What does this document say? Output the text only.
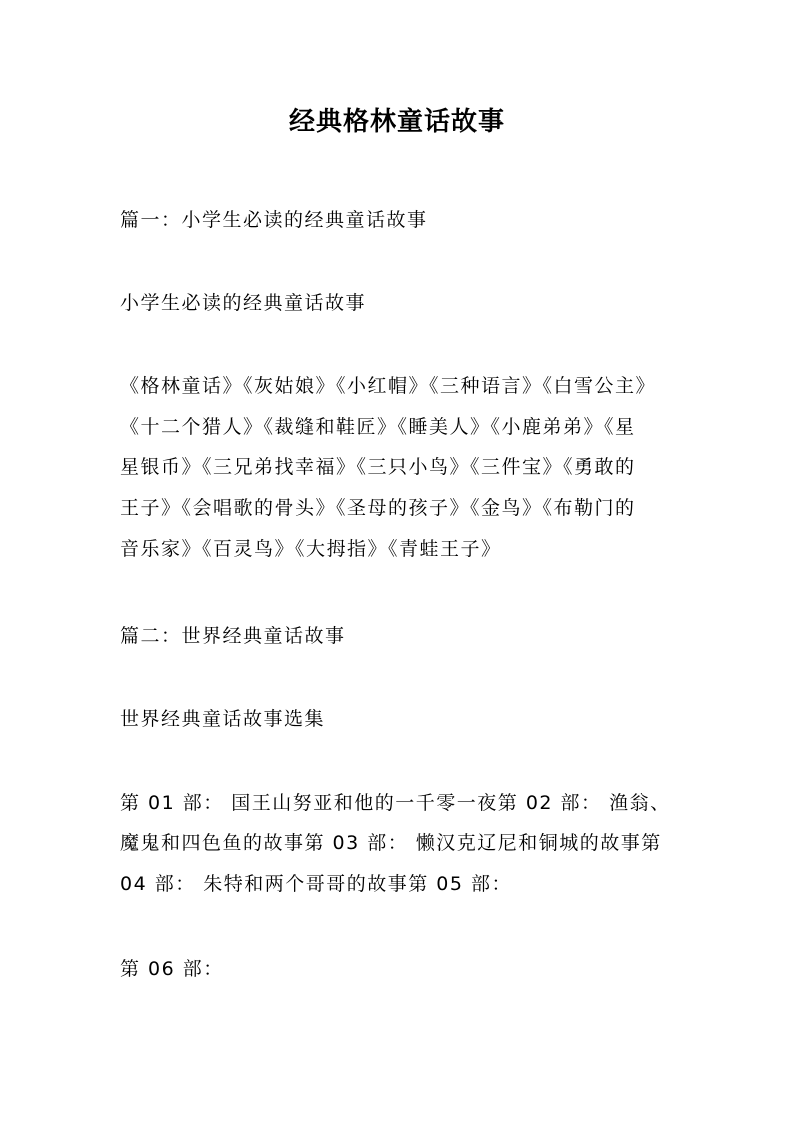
经典格林童话故事
篇一：小学生必读的经典童话故事
小学生必读的经典童话故事
《格林童话》《灰姑娘》《小红帽》《三种语言》《白雪公主》
《十二个猎人》《裁缝和鞋匠》《睡美人》《小鹿弟弟》《星
星银币》《三兄弟找幸福》《三只小鸟》《三件宝》《勇敢的
王子》《会唱歌的骨头》《圣母的孩子》《金鸟》《布勒门的
音乐家》《百灵鸟》《大拇指》《青蛙王子》
篇二：世界经典童话故事
世界经典童话故事选集
第 01 部： 国王山努亚和他的一千零一夜第 02 部： 渔翁、
魔鬼和四色鱼的故事第 03 部： 懒汉克辽尼和铜城的故事第
04 部： 朱特和两个哥哥的故事第 05 部：
第 06 部：
